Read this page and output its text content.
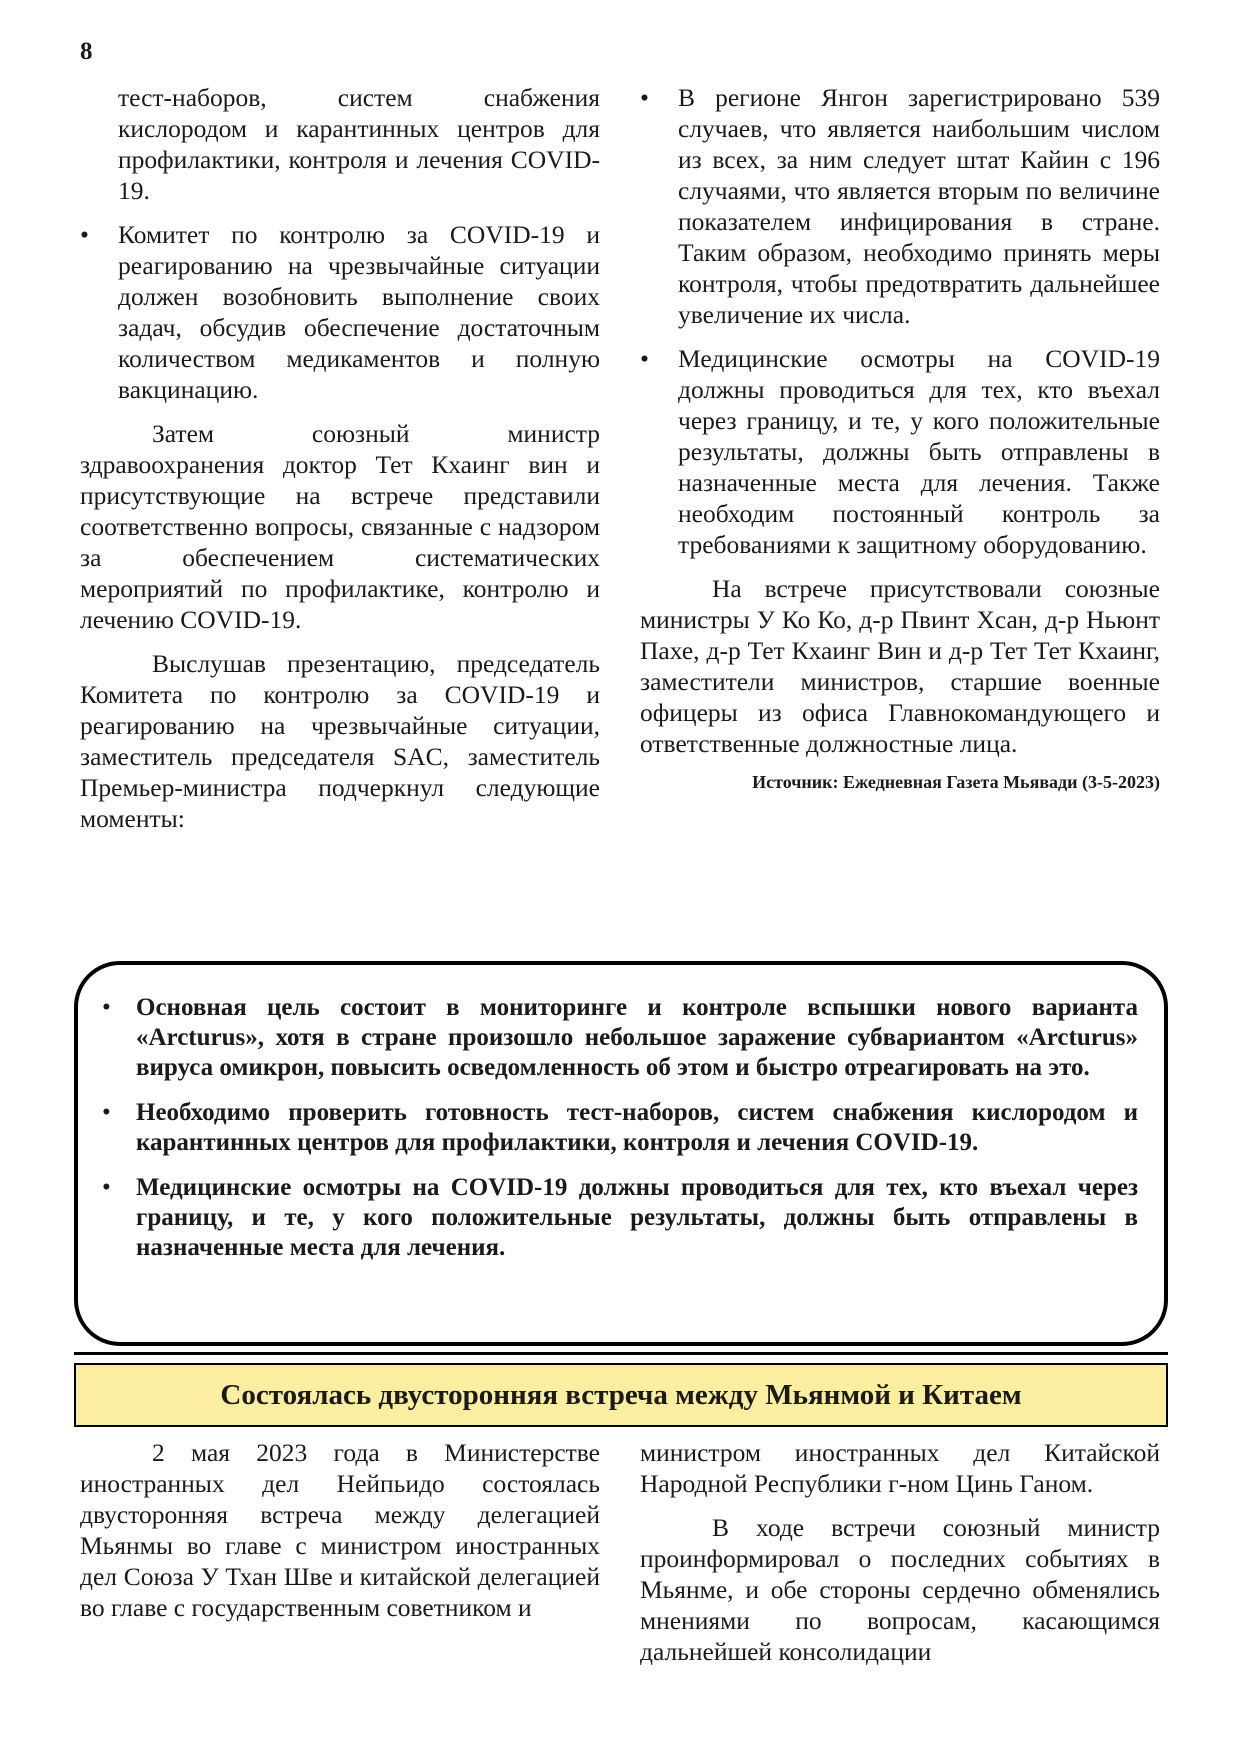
8

тест-наборов, систем снабжения кислородом и карантинных центров для профилактики, контроля и лечения COVID-19.

• Комитет по контролю за COVID-19 и реагированию на чрезвычайные ситуации должен возобновить выполнение своих задач, обсудив обеспечение достаточным количеством медикаментов и полную вакцинацию.

Затем союзный министр здравоохранения доктор Тет Кхаинг вин и присутствующие на встрече представили соответственно вопросы, связанные с надзором за обеспечением систематических мероприятий по профилактике, контролю и лечению COVID-19.

Выслушав презентацию, председатель Комитета по контролю за COVID-19 и реагированию на чрезвычайные ситуации, заместитель председателя SAC, заместитель Премьер-министра подчеркнул следующие моменты:

• В регионе Янгон зарегистрировано 539 случаев, что является наибольшим числом из всех, за ним следует штат Кайин с 196 случаями, что является вторым по величине показателем инфицирования в стране. Таким образом, необходимо принять меры контроля, чтобы предотвратить дальнейшее увеличение их числа.
• Медицинские осмотры на COVID-19 должны проводиться для тех, кто въехал через границу, и те, у кого положительные результаты, должны быть отправлены в назначенные места для лечения. Также необходим постоянный контроль за требованиями к защитному оборудованию.

На встрече присутствовали союзные министры У Ко Ко, д-р Пвинт Хсан, д-р Ньюнт Пахе, д-р Тет Кхаинг Вин и д-р Тет Тет Кхаинг, заместители министров, старшие военные офицеры из офиса Главнокомандующего и ответственные должностные лица.

Источник: Ежедневная Газета Мьявади (3-5-2023)
• Основная цель состоит в мониторинге и контроле вспышки нового варианта «Arcturus», хотя в стране произошло небольшое заражение субвариантом «Arcturus» вируса омикрон, повысить осведомленность об этом и быстро отреагировать на это.
• Необходимо проверить готовность тест-наборов, систем снабжения кислородом и карантинных центров для профилактики, контроля и лечения COVID-19.
• Медицинские осмотры на COVID-19 должны проводиться для тех, кто въехал через границу, и те, у кого положительные результаты, должны быть отправлены в назначенные места для лечения.
Состоялась двусторонняя встреча между Мьянмой и Китаем

2 мая 2023 года в Министерстве иностранных дел Нейпьидо состоялась двусторонняя встреча между делегацией Мьянмы во главе с министром иностранных дел Союза У Тхан Шве и китайской делегацией во главе с государственным советником и

министром иностранных дел Китайской Народной Республики г-ном Цинь Ганом.

В ходе встречи союзный министр проинформировал о последних событиях в Мьянме, и обе стороны сердечно обменялись мнениями по вопросам, касающимся дальнейшей консолидации
